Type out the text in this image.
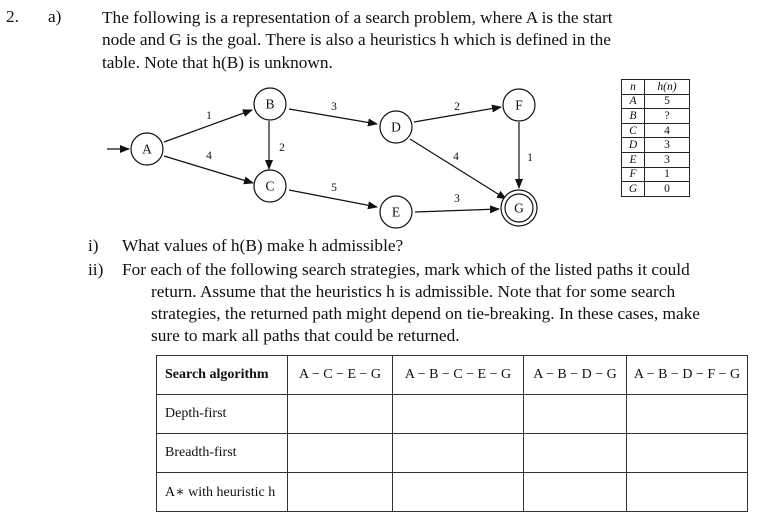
2. a) The following is a representation of a search problem, where A is the start
node and G is the goal. There is also a heuristics h which is defined in the
table. Note that h(B) is unknown.
A
B
C
D
E
F
G
1
4
2
3
5
2
4
3
1
n	h(n)
A	5
B	?
C	4
D	3
E	3
F	1
G	0
i) What values of h(B) make h admissible?
ii) For each of the following search strategies, mark which of the listed paths it could
return. Assume that the heuristics h is admissible. Note that for some search
strategies, the returned path might depend on tie-breaking. In these cases, make
sure to mark all paths that could be returned.
Search algorithm	A − C − E − G	A − B − C − E − G	A − B − D − G	A − B − D − F − G
Depth-first				
Breadth-first				
A∗ with heuristic h				
